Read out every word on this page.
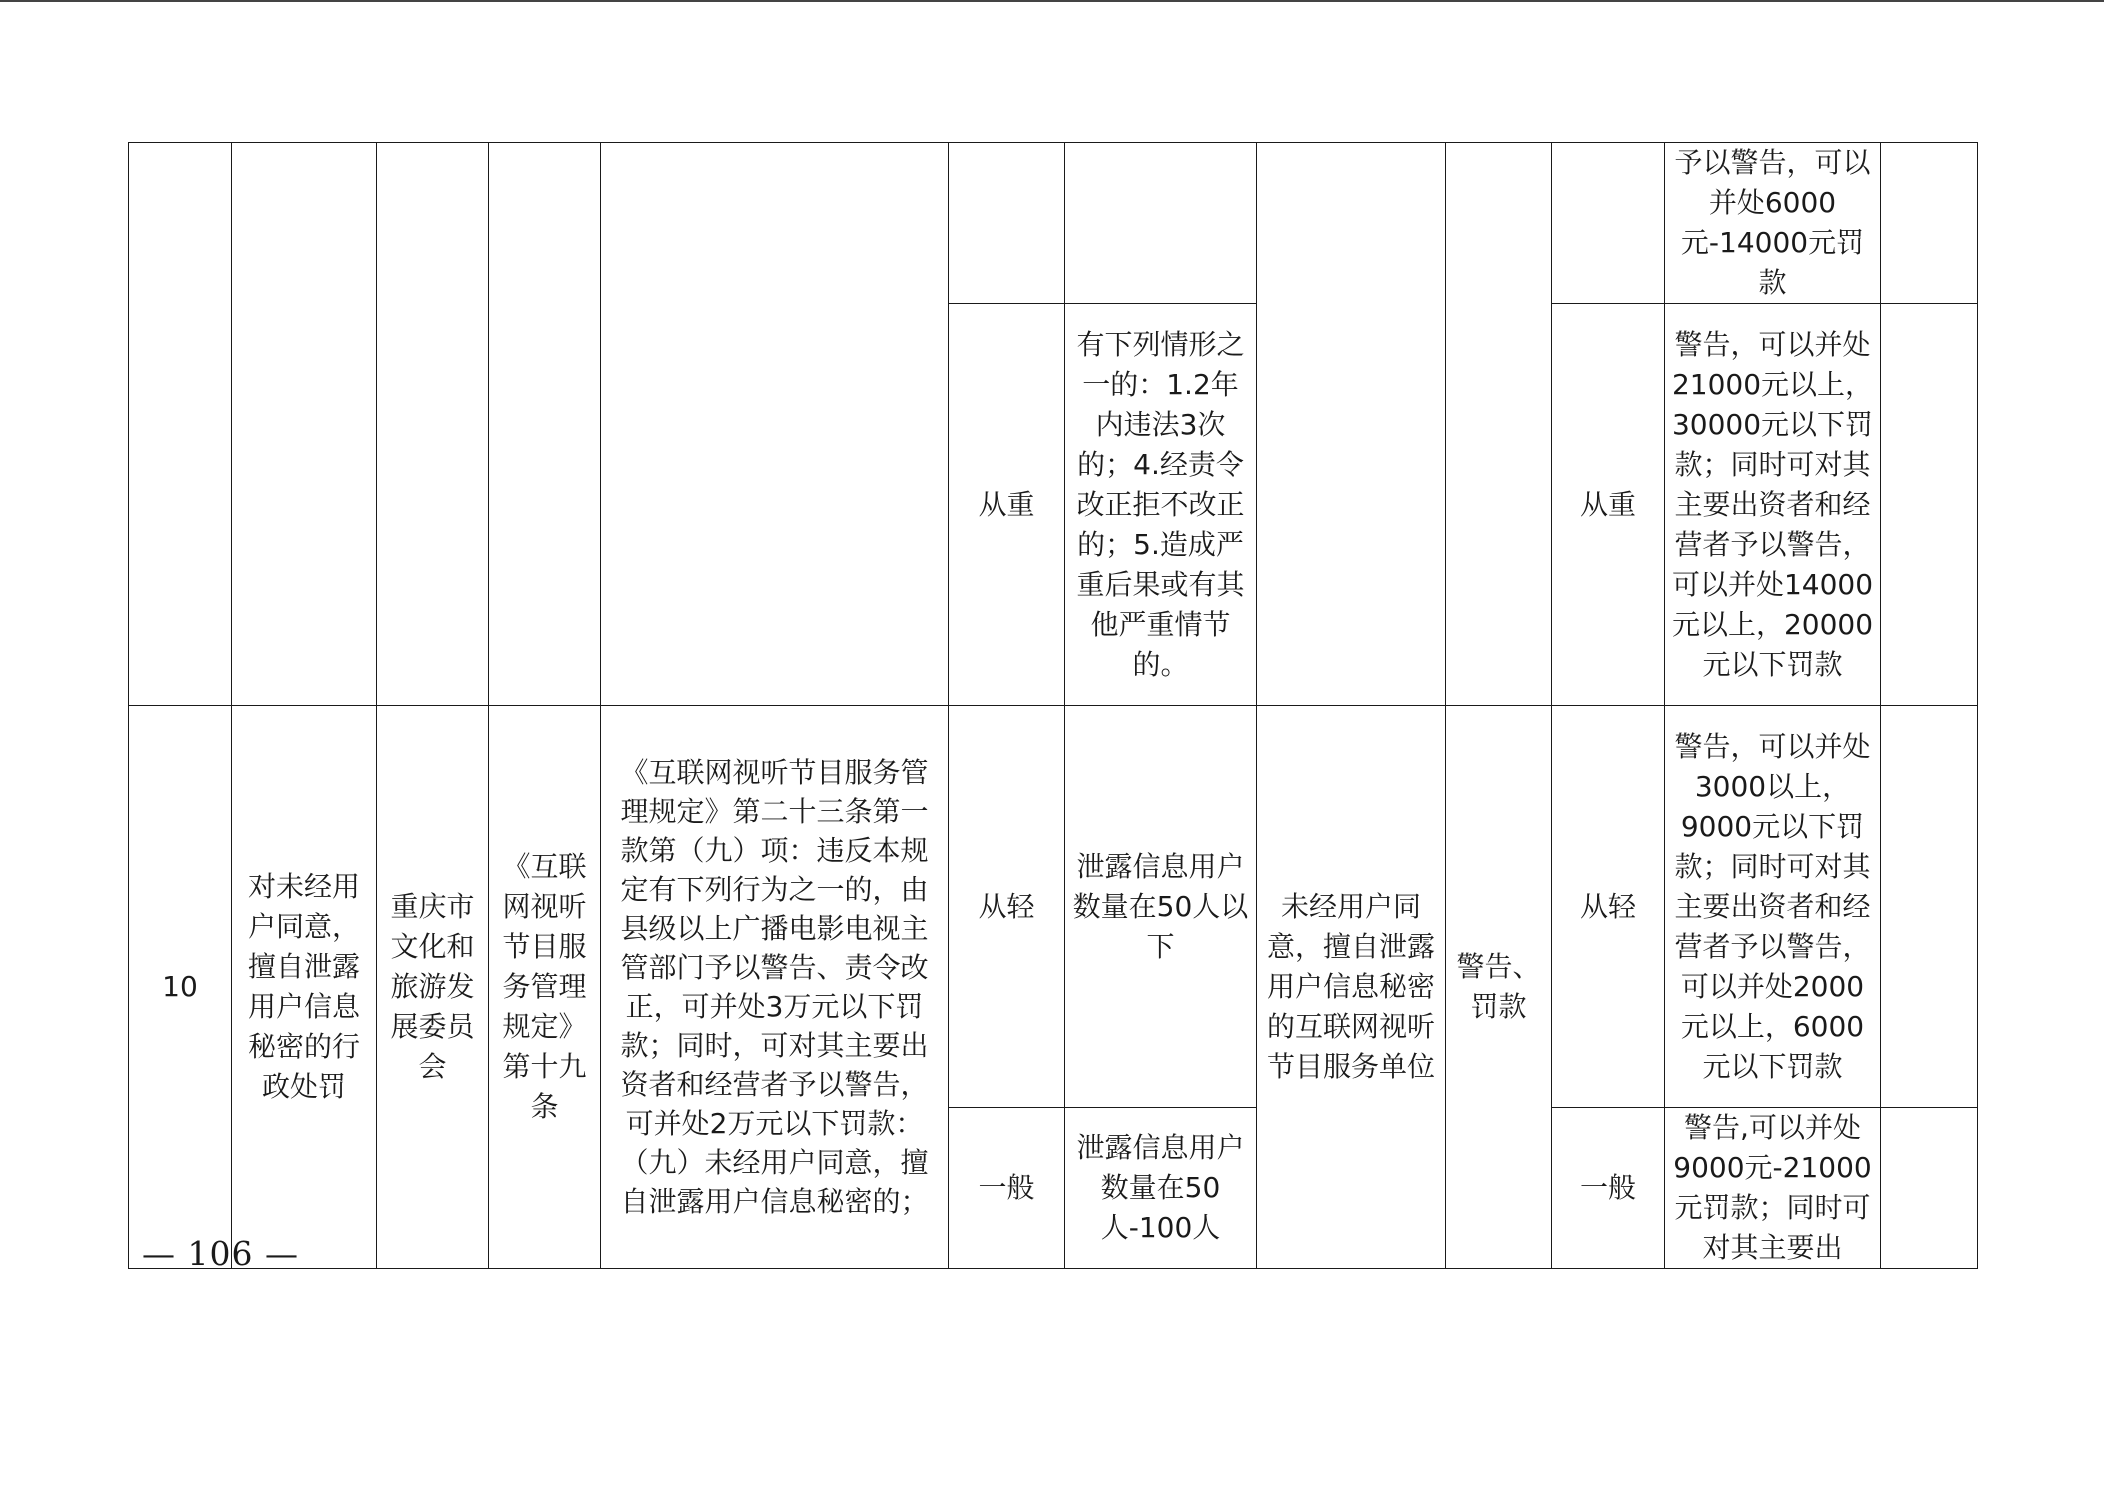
										予以警告，可以并处6000元-14000元罚款	
					从重	有下列情形之一的：1.2年内违法3次的；4.经责令改正拒不改正的；5.造成严重后果或有其他严重情节的。			从重	警告，可以并处21000元以上，30000元以下罚款；同时可对其主要出资者和经营者予以警告，可以并处14000元以上，20000元以下罚款	
10	对未经用户同意，擅自泄露用户信息秘密的行政处罚	重庆市文化和旅游发展委员会	《互联网视听节目服务管理规定》第十九条	《互联网视听节目服务管理规定》第二十三条第一款第（九）项：违反本规定有下列行为之一的，由县级以上广播电影电视主管部门予以警告、责令改正，可并处3万元以下罚款；同时，可对其主要出资者和经营者予以警告，可并处2万元以下罚款：（九）未经用户同意，擅自泄露用户信息秘密的；	从轻	泄露信息用户数量在50人以下	未经用户同意，擅自泄露用户信息秘密的互联网视听节目服务单位	警告、罚款	从轻	警告，可以并处3000以上，9000元以下罚款；同时可对其主要出资者和经营者予以警告，可以并处2000元以上，6000元以下罚款	
					一般	泄露信息用户数量在50人-100人			一般	警告,可以并处9000元-21000元罚款；同时可对其主要出	
— 106 —
